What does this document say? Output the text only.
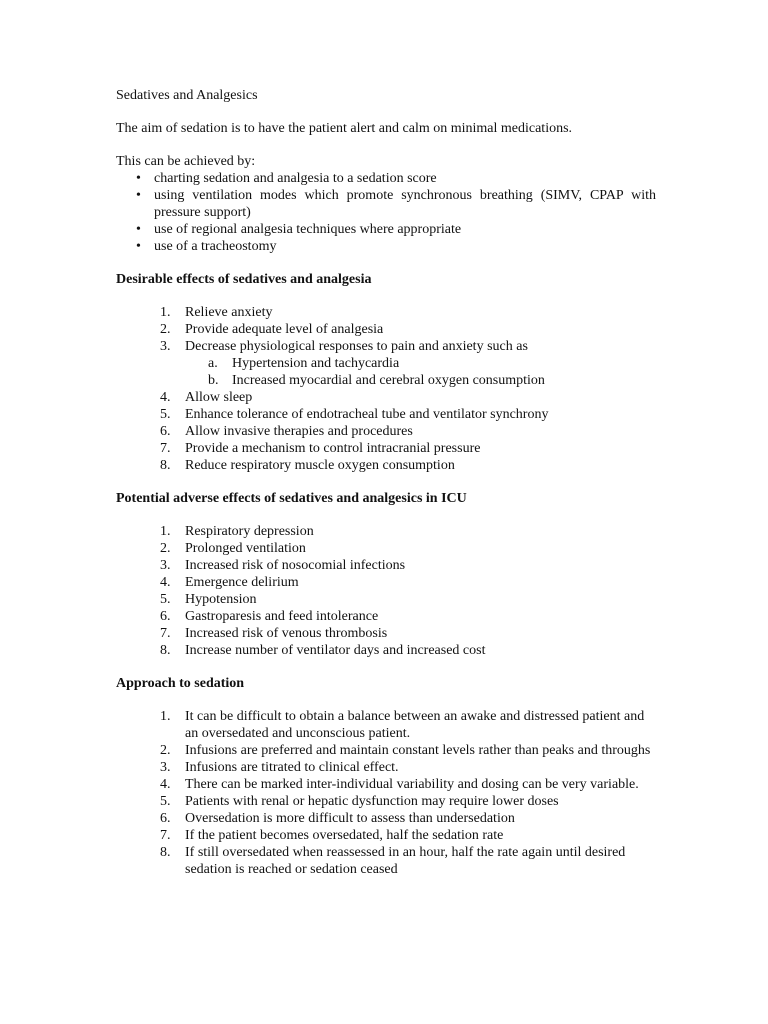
Sedatives and Analgesics

The aim of sedation is to have the patient alert and calm on minimal medications.

This can be achieved by:

• charting sedation and analgesia to a sedation score
• using ventilation modes which promote synchronous breathing (SIMV, CPAP with pressure support)
• use of regional analgesia techniques where appropriate
• use of a tracheostomy

Desirable effects of sedatives and analgesia

1. Relieve anxiety
2. Provide adequate level of analgesia
3. Decrease physiological responses to pain and anxiety such as
a. Hypertension and tachycardia
b. Increased myocardial and cerebral oxygen consumption
4. Allow sleep
5. Enhance tolerance of endotracheal tube and ventilator synchrony
6. Allow invasive therapies and procedures
7. Provide a mechanism to control intracranial pressure
8. Reduce respiratory muscle oxygen consumption

Potential adverse effects of sedatives and analgesics in ICU

1. Respiratory depression
2. Prolonged ventilation
3. Increased risk of nosocomial infections
4. Emergence delirium
5. Hypotension
6. Gastroparesis and feed intolerance
7. Increased risk of venous thrombosis
8. Increase number of ventilator days and increased cost

Approach to sedation

1. It can be difficult to obtain a balance between an awake and distressed patient and an oversedated and unconscious patient.
2. Infusions are preferred and maintain constant levels rather than peaks and throughs
3. Infusions are titrated to clinical effect.
4. There can be marked inter-individual variability and dosing can be very variable.
5. Patients with renal or hepatic dysfunction may require lower doses
6. Oversedation is more difficult to assess than undersedation
7. If the patient becomes oversedated, half the sedation rate
8. If still oversedated when reassessed in an hour, half the rate again until desired sedation is reached or sedation ceased
